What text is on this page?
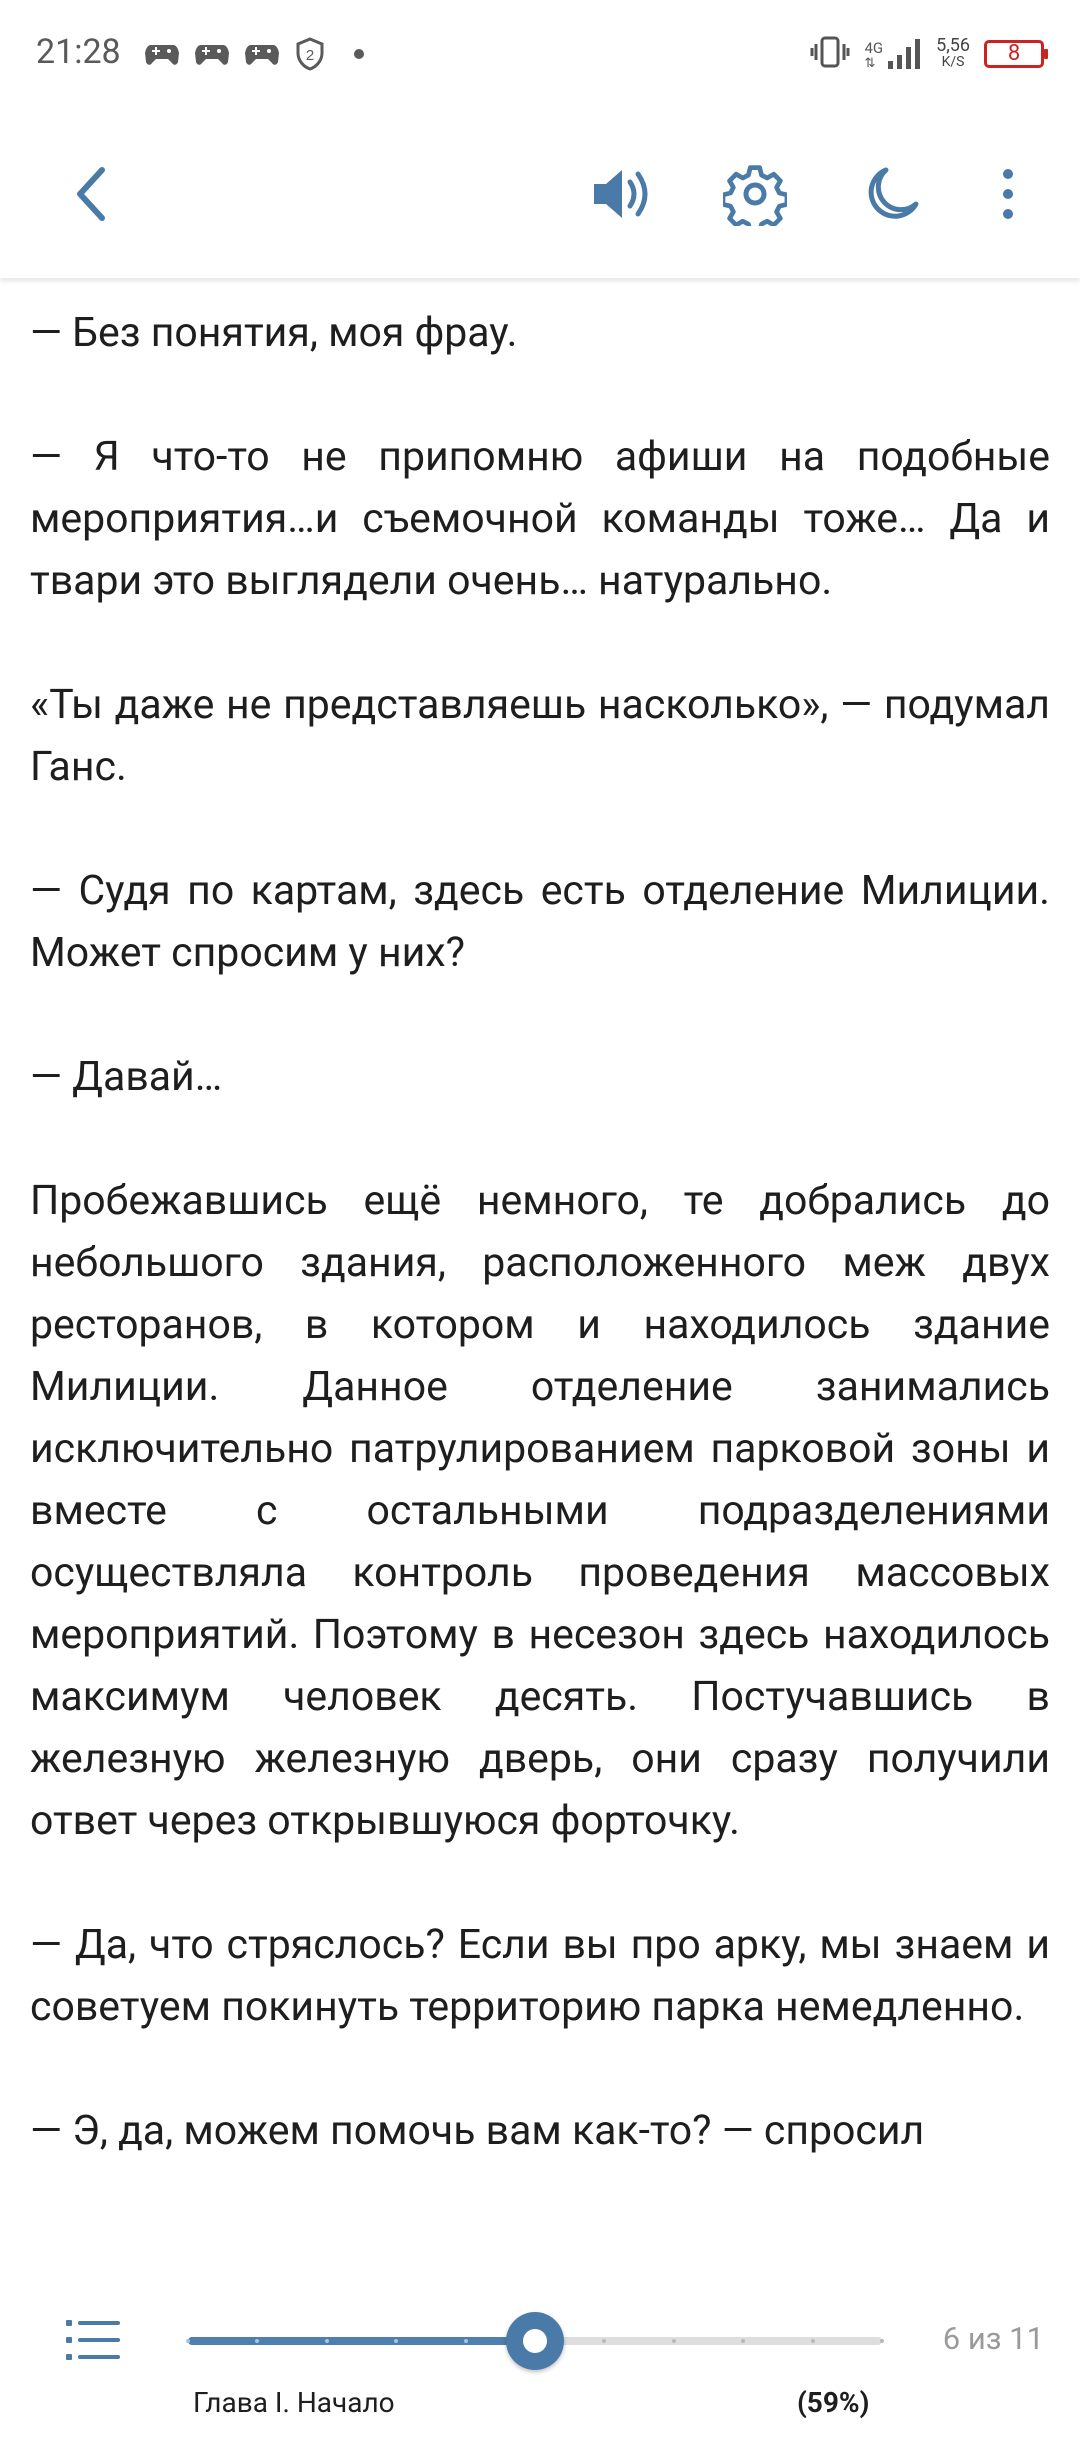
21:28	2	4G
⇅
5,56
K/S	8

— Без понятия, моя фрау.

— Я что-то не припомню афиши на подобные мероприятия…и съемочной команды тоже… Да и твари это выглядели очень… натурально.

«Ты даже не представляешь насколько», — подумал Ганс.

— Судя по картам, здесь есть отделение Милиции. Может спросим у них?

— Давай…

Пробежавшись ещё немного, те добрались до небольшого здания, расположенного меж двух ресторанов, в котором и находилось здание Милиции. Данное отделение занимались исключительно патрулированием парковой зоны и вместе с остальными подразделениями осуществляла контроль проведения массовых мероприятий. Поэтому в несезон здесь находилось максимум человек десять. Постучавшись в железную железную дверь, они сразу получили ответ через открывшуюся форточку.

— Да, что стряслось? Если вы про арку, мы знаем и советуем покинуть территорию парка немедленно.

— Э, да, можем помочь вам как-то? — спросил

6 из 11
Глава I. Начало	(59%)
